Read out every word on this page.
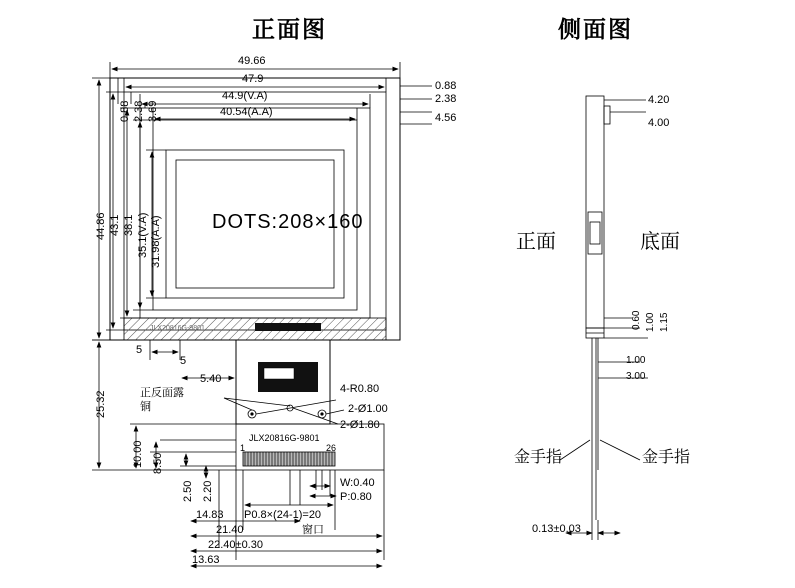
正面图	侧面图
DOTS:208×160
JLX20816G-9801
JLX20816G-9801
70PIT?
1	26
49.66
47.9
44.9(V.A)
40.54(A.A)
0.88
2.38
4.56
0.88 2.38 3.69
44.86 43.1 38.1 35.1(V.A) 31.98(A.A)
25.32
10.00 8.50
2.50 2.20
5
5
5.40
正反面露
铜
4-R0.80
2-Ø1.00
2-Ø1.80
W:0.40
P:0.80
14.83 P0.8×(24-1)=20
21.40	窗口
22.40±0.30
13.63
4.20
4.00
正面	底面
0.60 1.00 1.15
1.00
3.00
金手指	金手指
0.13±0.03
